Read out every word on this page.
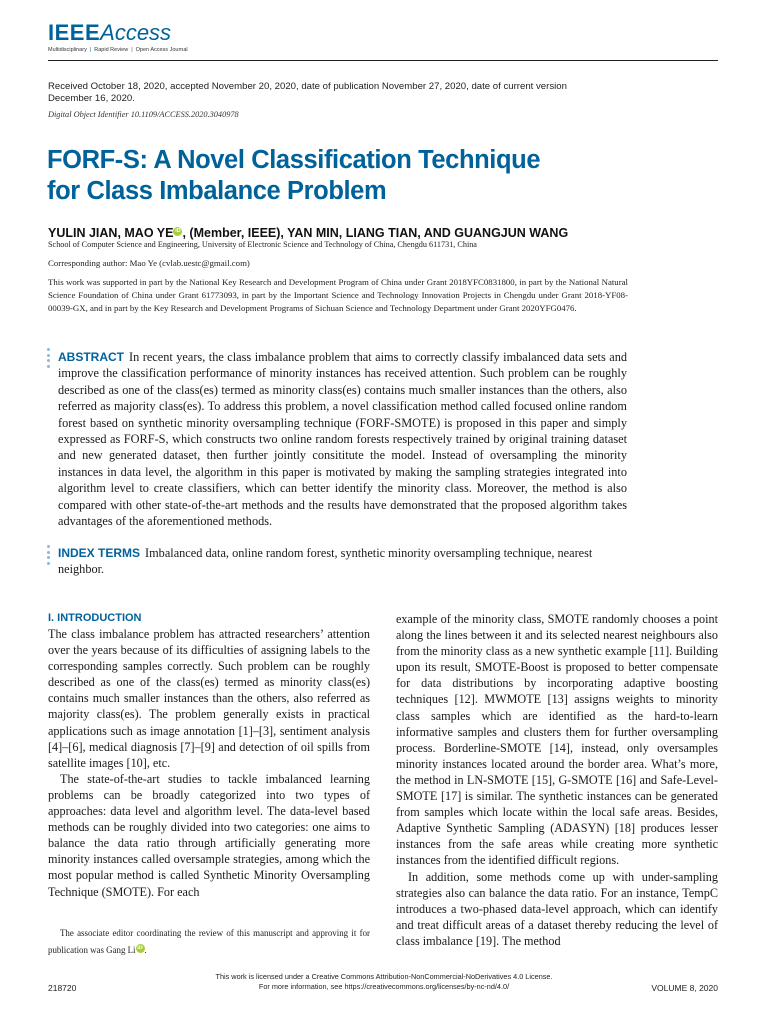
IEEEAccess
Multidisciplinary | Rapid Review | Open Access Journal
Received October 18, 2020, accepted November 20, 2020, date of publication November 27, 2020, date of current version December 16, 2020.
Digital Object Identifier 10.1109/ACCESS.2020.3040978
FORF-S: A Novel Classification Technique
for Class Imbalance Problem
YULIN JIAN, MAO YE iD , (Member, IEEE), YAN MIN, LIANG TIAN, AND GUANGJUN WANG
School of Computer Science and Engineering, University of Electronic Science and Technology of China, Chengdu 611731, China
Corresponding author: Mao Ye (cvlab.uestc@gmail.com)
This work was supported in part by the National Key Research and Development Program of China under Grant 2018YFC0831800, in part by the National Natural Science Foundation of China under Grant 61773093, in part by the Important Science and Technology Innovation Projects in Chengdu under Grant 2018-YF08-00039-GX, and in part by the Key Research and Development Programs of Sichuan Science and Technology Department under Grant 2020YFG0476.
ABSTRACT In recent years, the class imbalance problem that aims to correctly classify imbalanced data sets and improve the classification performance of minority instances has received attention. Such problem can be roughly described as one of the class(es) termed as minority class(es) contains much smaller instances than the others, also referred as majority class(es). To address this problem, a novel classification method called focused online random forest based on synthetic minority oversampling technique (FORF-SMOTE) is proposed in this paper and simply expressed as FORF-S, which constructs two online random forests respectively trained by original training dataset and new generated dataset, then further jointly consititute the model. Instead of oversampling the minority instances in data level, the algorithm in this paper is motivated by making the sampling strategies integrated into algorithm level to create classifiers, which can better identify the minority class. Moreover, the method is also compared with other state-of-the-art methods and the results have demonstrated that the proposed algorithm takes advantages of the aforementioned methods.
INDEX TERMS Imbalanced data, online random forest, synthetic minority oversampling technique, nearest neighbor.
I. INTRODUCTION

The class imbalance problem has attracted researchers’ attention over the years because of its difficulties of assigning labels to the corresponding samples correctly. Such problem can be roughly described as one of the class(es) termed as minority class(es) contains much smaller instances than the others, also referred as majority class(es). The problem generally exists in practical applications such as image annotation [1]–[3], sentiment analysis [4]–[6], medical diagnosis [7]–[9] and detection of oil spills from satellite images [10], etc.

The state-of-the-art studies to tackle imbalanced learning problems can be broadly categorized into two types of approaches: data level and algorithm level. The data-level based methods can be roughly divided into two categories: one aims to balance the data ratio through artificially generating more minority instances called oversample strategies, among which the most popular method is called Synthetic Minority Oversampling Technique (SMOTE). For each

The associate editor coordinating the review of this manuscript and approving it for publication was Gang Li iD .

example of the minority class, SMOTE randomly chooses a point along the lines between it and its selected nearest neighbours also from the minority class as a new synthetic example [11]. Building upon its result, SMOTE-Boost is proposed to better compensate for data distributions by incorporating adaptive boosting techniques [12]. MWMOTE [13] assigns weights to minority class samples which are identified as the hard-to-learn informative samples and clusters them for further oversampling process. Borderline-SMOTE [14], instead, only oversamples minority instances located around the border area. What’s more, the method in LN-SMOTE [15], G-SMOTE [16] and Safe-Level-SMOTE [17] is similar. The synthetic instances can be generated from samples which locate within the local safe areas. Besides, Adaptive Synthetic Sampling (ADASYN) [18] produces lesser instances from the safe areas while creating more synthetic instances from the identified difficult regions.

In addition, some methods come up with under-sampling strategies also can balance the data ratio. For an instance, TempC introduces a two-phased data-level approach, which can identify and treat difficult areas of a dataset thereby reducing the level of class imbalance [19]. The method

This work is licensed under a Creative Commons Attribution-NonCommercial-NoDerivatives 4.0 License.
For more information, see https://creativecommons.org/licenses/by-nc-nd/4.0/
218720	VOLUME 8, 2020
